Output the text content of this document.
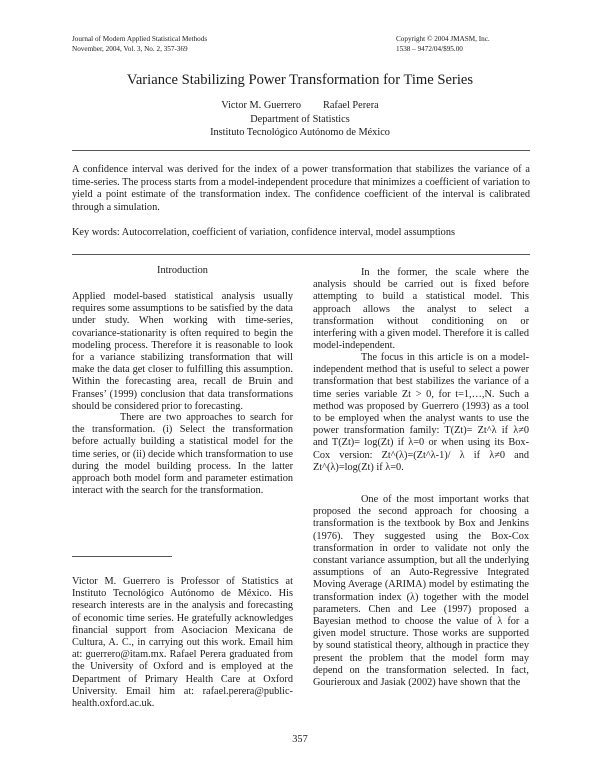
Journal of Modern Applied Statistical Methods
November, 2004, Vol. 3, No. 2, 357-369
Copyright © 2004 JMASM, Inc.
1538 – 9472/04/$95.00
Variance Stabilizing Power Transformation for Time Series
Victor M. Guerrero Rafael Perera
Department of Statistics
Instituto Tecnológico Autónomo de México
A confidence interval was derived for the index of a power transformation that stabilizes the variance of a time-series. The process starts from a model-independent procedure that minimizes a coefficient of variation to yield a point estimate of the transformation index. The confidence coefficient of the interval is calibrated through a simulation.
Key words: Autocorrelation, coefficient of variation, confidence interval, model assumptions
Introduction

Applied model-based statistical analysis usually requires some assumptions to be satisfied by the data under study. When working with time-series, covariance-stationarity is often required to begin the modeling process. Therefore it is reasonable to look for a variance stabilizing transformation that will make the data get closer to fulfilling this assumption. Within the forecasting area, recall de Bruin and Franses’ (1999) conclusion that data transformations should be considered prior to forecasting.

There are two approaches to search for the transformation. (i) Select the transformation before actually building a statistical model for the time series, or (ii) decide which transformation to use during the model building process. In the latter approach both model form and parameter estimation interact with the search for the transformation.

Victor M. Guerrero is Professor of Statistics at Instituto Tecnológico Autónomo de México. His research interests are in the analysis and forecasting of economic time series. He gratefully acknowledges financial support from Asociacion Mexicana de Cultura, A. C., in carrying out this work. Email him at: guerrero@itam.mx. Rafael Perera graduated from the University of Oxford and is employed at the Department of Primary Health Care at Oxford University. Email him at: rafael.perera@public-health.oxford.ac.uk.

In the former, the scale where the analysis should be carried out is fixed before attempting to build a statistical model. This approach allows the analyst to select a transformation without conditioning on or interfering with a given model. Therefore it is called model-independent.

The focus in this article is on a model-independent method that is useful to select a power transformation that best stabilizes the variance of a time series variable Zt > 0, for t=1,…,N. Such a method was proposed by Guerrero (1993) as a tool to be employed when the analyst wants to use the power transformation family: T(Zt)= Zt^λ if λ≠0 and T(Zt)= log(Zt) if λ=0 or when using its Box-Cox version: Zt^(λ)=(Zt^λ-1)/ λ if λ≠0 and Zt^(λ)=log(Zt) if λ=0.

One of the most important works that proposed the second approach for choosing a transformation is the textbook by Box and Jenkins (1976). They suggested using the Box-Cox transformation in order to validate not only the constant variance assumption, but all the underlying assumptions of an Auto-Regressive Integrated Moving Average (ARIMA) model by estimating the transformation index (λ) together with the model parameters. Chen and Lee (1997) proposed a Bayesian method to choose the value of λ for a given model structure. Those works are supported by sound statistical theory, although in practice they present the problem that the model form may depend on the transformation selected. In fact, Gourieroux and Jasiak (2002) have shown that the

357
